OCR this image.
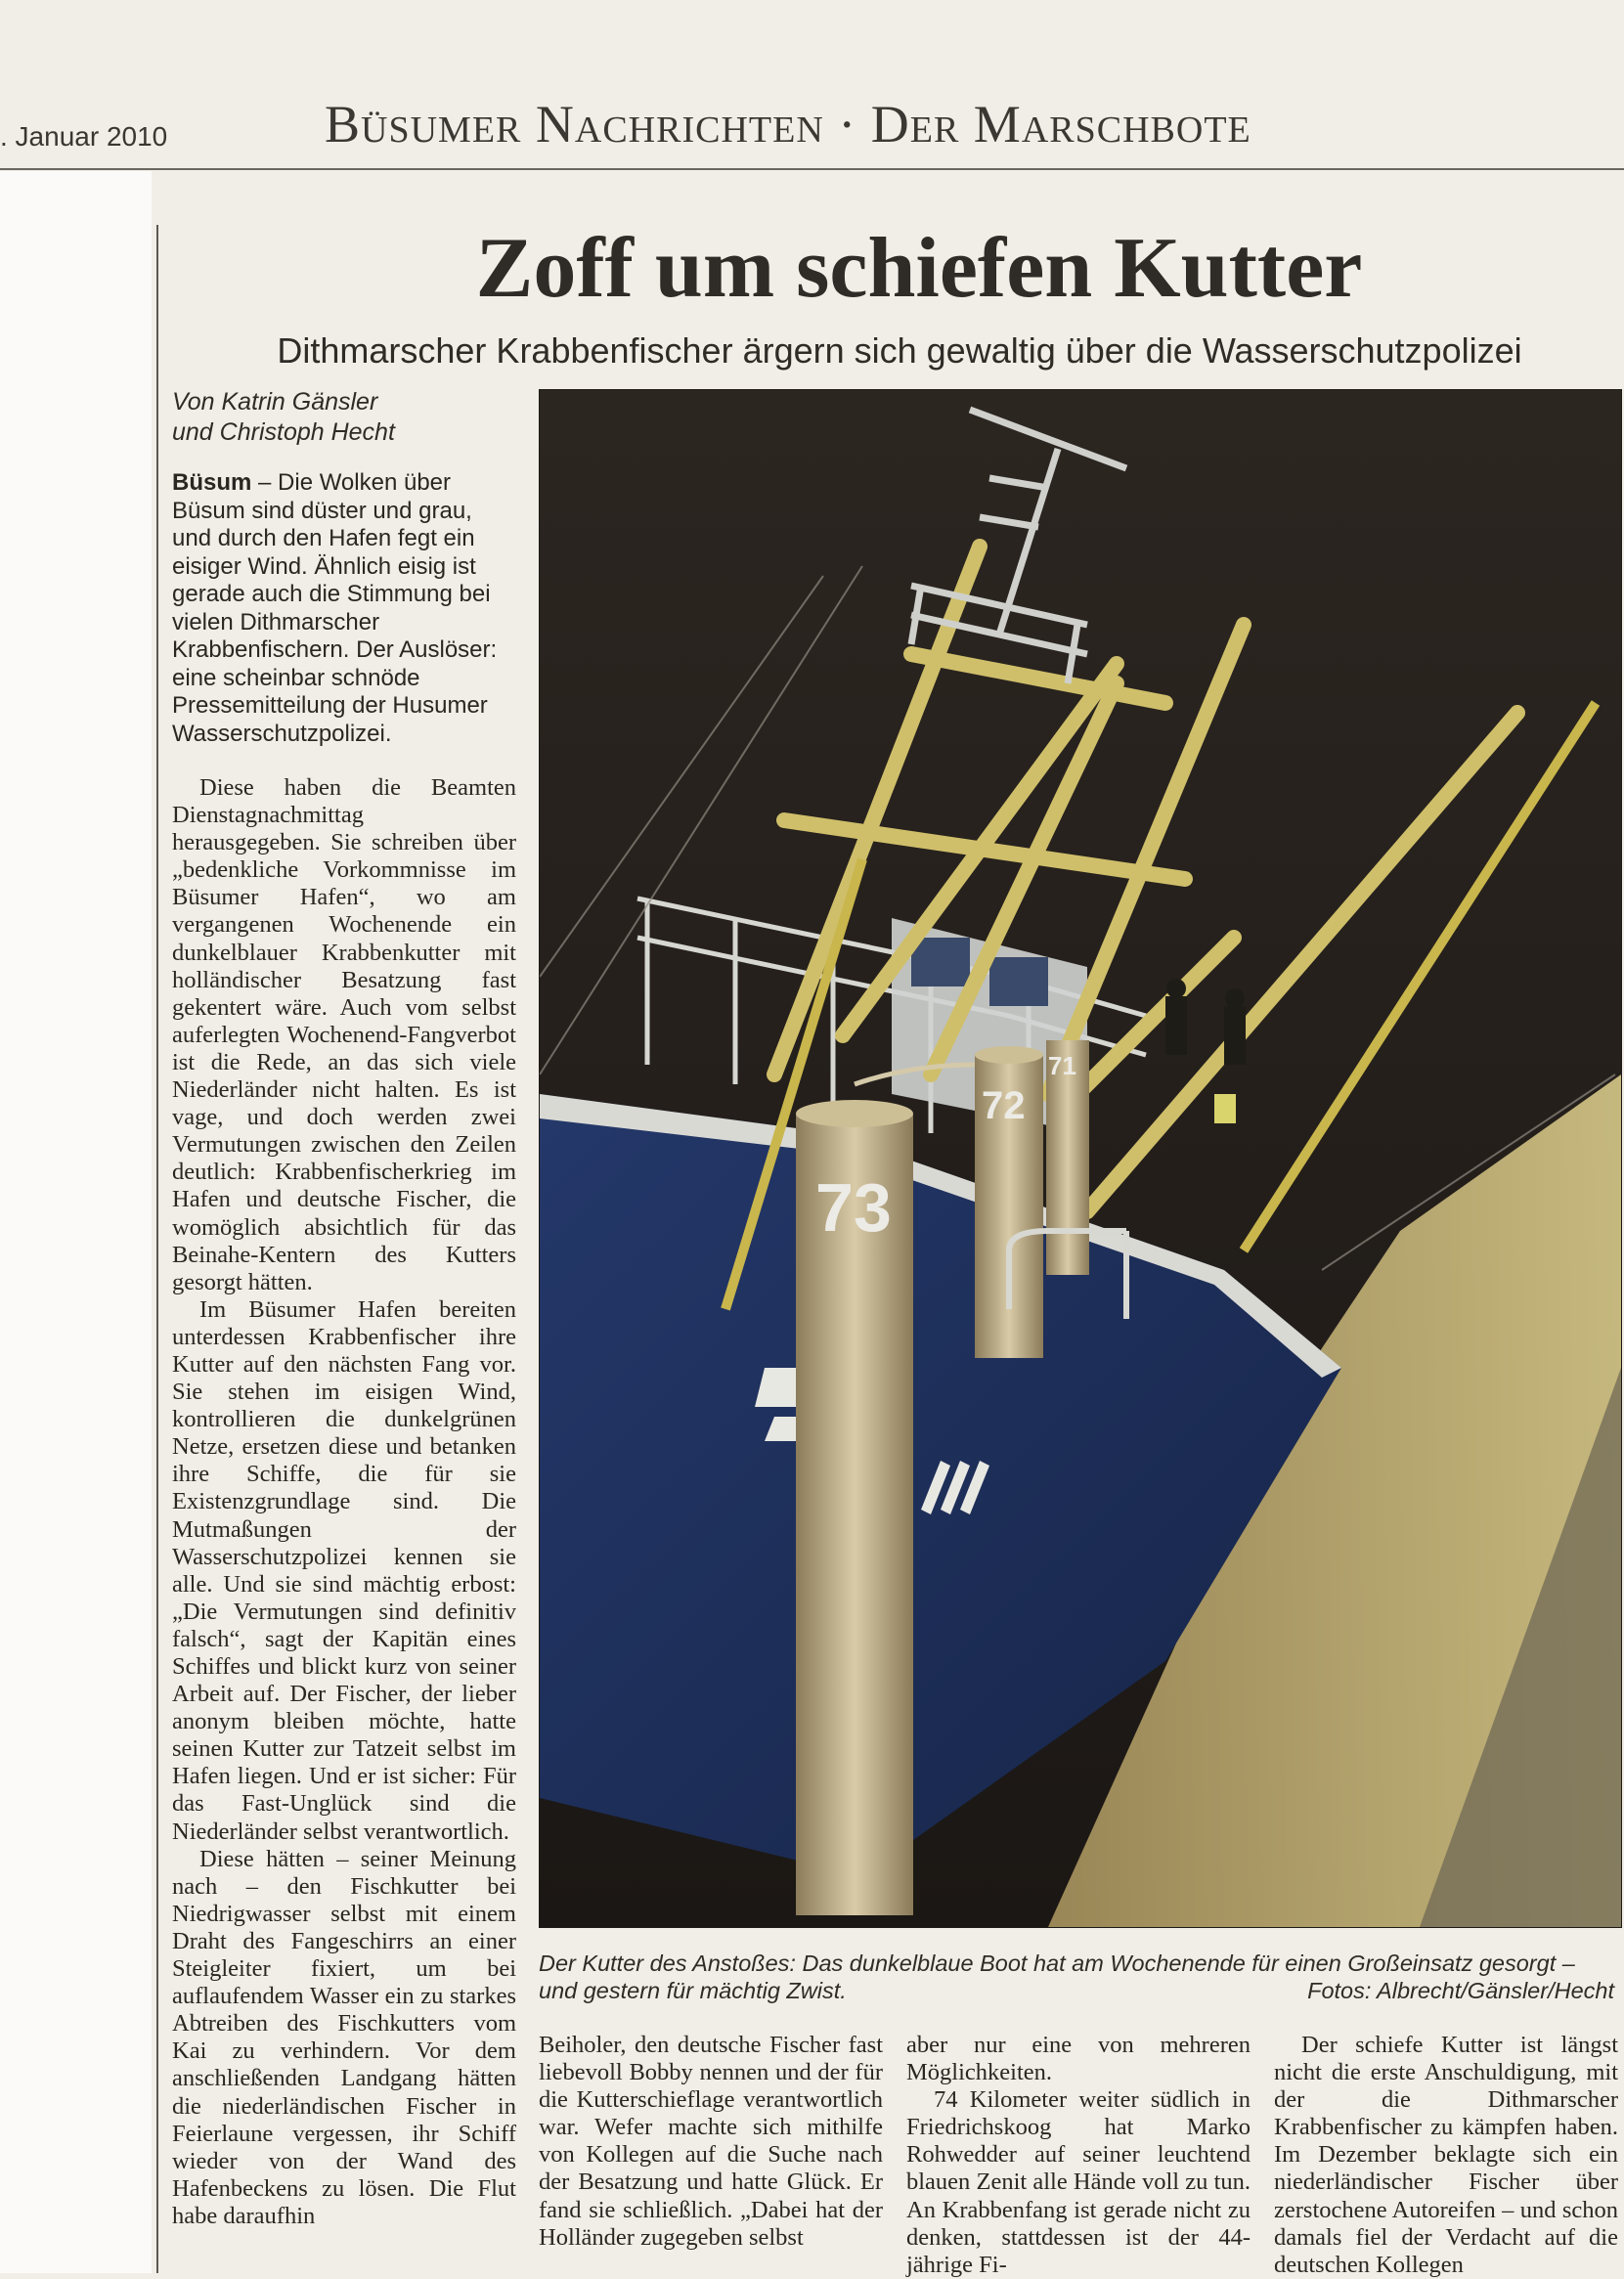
. Januar 2010	Büsumer Nachrichten · Der Marschbote
Zoff um schiefen Kutter
Dithmarscher Krabbenfischer ärgern sich gewaltig über die Wasserschutzpolizei
Von Katrin Gänsler
und Christoph Hecht
Büsum – Die Wolken über Büsum sind düster und grau, und durch den Hafen fegt ein eisiger Wind. Ähnlich eisig ist gerade auch die Stimmung bei vielen Dithmarscher Krabbenfischern. Der Auslöser: eine scheinbar schnöde Pressemitteilung der Husumer Wasserschutzpolizei.

Diese haben die Beamten Dienstagnachmittag herausgegeben. Sie schreiben über „bedenkliche Vorkommnisse im Büsumer Hafen“, wo am vergangenen Wochenende ein dunkelblauer Krabbenkutter mit holländischer Besatzung fast gekentert wäre. Auch vom selbst auferlegten Wochenend-Fangverbot ist die Rede, an das sich viele Niederländer nicht halten. Es ist vage, und doch werden zwei Vermutungen zwischen den Zeilen deutlich: Krabbenfischerkrieg im Hafen und deutsche Fischer, die womöglich absichtlich für das Beinahe-Kentern des Kutters gesorgt hätten.

Im Büsumer Hafen bereiten unterdessen Krabbenfischer ihre Kutter auf den nächsten Fang vor. Sie stehen im eisigen Wind, kontrollieren die dunkelgrünen Netze, ersetzen diese und betanken ihre Schiffe, die für sie Existenzgrundlage sind. Die Mutmaßungen der Wasserschutzpolizei kennen sie alle. Und sie sind mächtig erbost: „Die Vermutungen sind definitiv falsch“, sagt der Kapitän eines Schiffes und blickt kurz von seiner Arbeit auf. Der Fischer, der lieber anonym bleiben möchte, hatte seinen Kutter zur Tatzeit selbst im Hafen liegen. Und er ist sicher: Für das Fast-Unglück sind die Niederländer selbst verantwortlich.

Diese hätten – seiner Meinung nach – den Fischkutter bei Niedrigwasser selbst mit einem Draht des Fangeschirrs an einer Steigleiter fixiert, um bei auflaufendem Wasser ein zu starkes Abtreiben des Fischkutters vom Kai zu verhindern. Vor dem anschließenden Landgang hätten die niederländischen Fischer in Feierlaune vergessen, ihr Schiff wieder von der Wand des Hafenbeckens zu lösen. Die Flut habe daraufhin

73
72
71
Der Kutter des Anstoßes: Das dunkelblaue Boot hat am Wochenende für einen Großeinsatz gesorgt – und gestern für mächtig Zwist.	Fotos: Albrecht/Gänsler/Hecht

Beiholer, den deutsche Fischer fast liebevoll Bobby nennen und der für die Kutterschieflage verantwortlich war. Wefer machte sich mithilfe von Kollegen auf die Suche nach der Besatzung und hatte Glück. Er fand sie schließlich. „Dabei hat der Holländer zugegeben selbst

aber nur eine von mehreren Möglichkeiten.

74 Kilometer weiter südlich in Friedrichskoog hat Marko Rohwedder auf seiner leuchtend blauen Zenit alle Hände voll zu tun. An Krabbenfang ist gerade nicht zu denken, stattdessen ist der 44-jährige Fi-

Der schiefe Kutter ist längst nicht die erste Anschuldigung, mit der die Dithmarscher Krabbenfischer zu kämpfen haben. Im Dezember beklagte sich ein niederländischer Fischer über zerstochene Autoreifen – und schon damals fiel der Verdacht auf die deutschen Kollegen
